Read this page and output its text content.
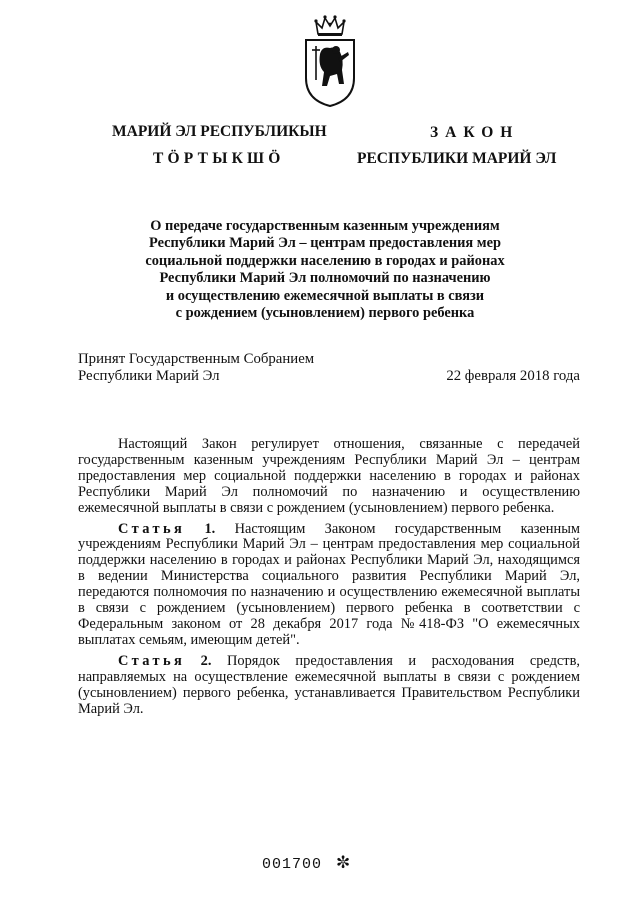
МАРИЙ ЭЛ РЕСПУБЛИКЫН
ТӦРТЫКШӦ
ЗАКОН
РЕСПУБЛИКИ МАРИЙ ЭЛ
О передаче государственным казенным учреждениям
Республики Марий Эл – центрам предоставления мер
социальной поддержки населению в городах и районах
Республики Марий Эл полномочий по назначению
и осуществлению ежемесячной выплаты в связи
с рождением (усыновлением) первого ребенка
Принят Государственным Собранием
Республики Марий Эл	22 февраля 2018 года

Настоящий Закон регулирует отношения, связанные с передачей государственным казенным учреждениям Республики Марий Эл – центрам предоставления мер социальной поддержки населению в городах и районах Республики Марий Эл полномочий по назначению и осуществлению ежемесячной выплаты в связи с рождением (усыновлением) первого ребенка.

Статья 1. Настоящим Законом государственным казенным учреждениям Республики Марий Эл – центрам предоставления мер социальной поддержки населению в городах и районах Республики Марий Эл, находящимся в ведении Министерства социального развития Республики Марий Эл, передаются полномочия по назначению и осуществлению ежемесячной выплаты в связи с рождением (усыновлением) первого ребенка в соответствии с Федеральным законом от 28 декабря 2017 года №418-ФЗ "О ежемесячных выплатах семьям, имеющим детей".

Статья 2. Порядок предоставления и расходования средств, направляемых на осуществление ежемесячной выплаты в связи с рождением (усыновлением) первого ребенка, устанавливается Правительством Республики Марий Эл.

001700 ✼
